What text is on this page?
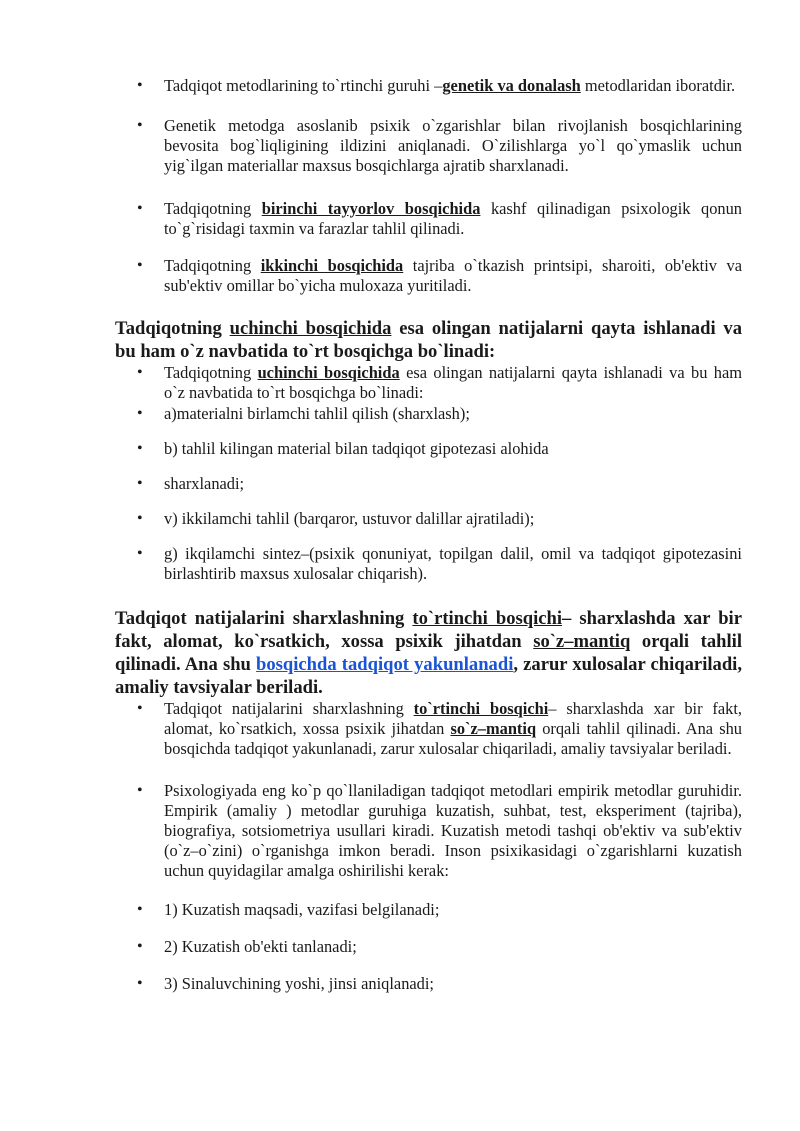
• Tadqiqot metodlarining to`rtinchi guruhi –genetik va donalash metodlaridan iboratdir.
• Genetik metodga asoslanib psixik o`zgarishlar bilan rivojlanish bosqichlarining bevosita bog`liqligining ildizini aniqlanadi. O`zilishlarga yo`l qo`ymaslik uchun yig`ilgan materiallar maxsus bosqichlarga ajratib sharxlanadi.
• Tadqiqotning birinchi tayyorlov bosqichida kashf qilinadigan psixologik qonun to`g`risidagi taxmin va farazlar tahlil qilinadi.
• Tadqiqotning ikkinchi bosqichida tajriba o`tkazish printsipi, sharoiti, ob'ektiv va sub'ektiv omillar bo`yicha muloxaza yuritiladi.

Tadqiqotning uchinchi bosqichida esa olingan natijalarni qayta ishlanadi va bu ham o`z navbatida to`rt bosqichga bo`linadi:

• Tadqiqotning uchinchi bosqichida esa olingan natijalarni qayta ishlanadi va bu ham o`z navbatida to`rt bosqichga bo`linadi:
• a)materialni birlamchi tahlil qilish (sharxlash);
• b) tahlil kilingan material bilan tadqiqot gipotezasi alohida
• sharxlanadi;
• v) ikkilamchi tahlil (barqaror, ustuvor dalillar ajratiladi);
• g) ikqilamchi sintez–(psixik qonuniyat, topilgan dalil, omil va tadqiqot gipotezasini birlashtirib maxsus xulosalar chiqarish).

Tadqiqot natijalarini sharxlashning to`rtinchi bosqichi– sharxlashda xar bir fakt, alomat, ko`rsatkich, xossa psixik jihatdan so`z–mantiq orqali tahlil qilinadi. Ana shu bosqichda tadqiqot yakunlanadi, zarur xulosalar chiqariladi, amaliy tavsiyalar beriladi.

• Tadqiqot natijalarini sharxlashning to`rtinchi bosqichi– sharxlashda xar bir fakt, alomat, ko`rsatkich, xossa psixik jihatdan so`z–mantiq orqali tahlil qilinadi. Ana shu bosqichda tadqiqot yakunlanadi, zarur xulosalar chiqariladi, amaliy tavsiyalar beriladi.
• Psixologiyada eng ko`p qo`llaniladigan tadqiqot metodlari empirik metodlar guruhidir. Empirik (amaliy ) metodlar guruhiga kuzatish, suhbat, test, eksperiment (tajriba), biografiya, sotsiometriya usullari kiradi. Kuzatish metodi tashqi ob'ektiv va sub'ektiv (o`z–o`zini) o`rganishga imkon beradi. Inson psixikasidagi o`zgarishlarni kuzatish uchun quyidagilar amalga oshirilishi kerak:
• 1) Kuzatish maqsadi, vazifasi belgilanadi;
• 2) Kuzatish ob'ekti tanlanadi;
• 3) Sinaluvchining yoshi, jinsi aniqlanadi;
